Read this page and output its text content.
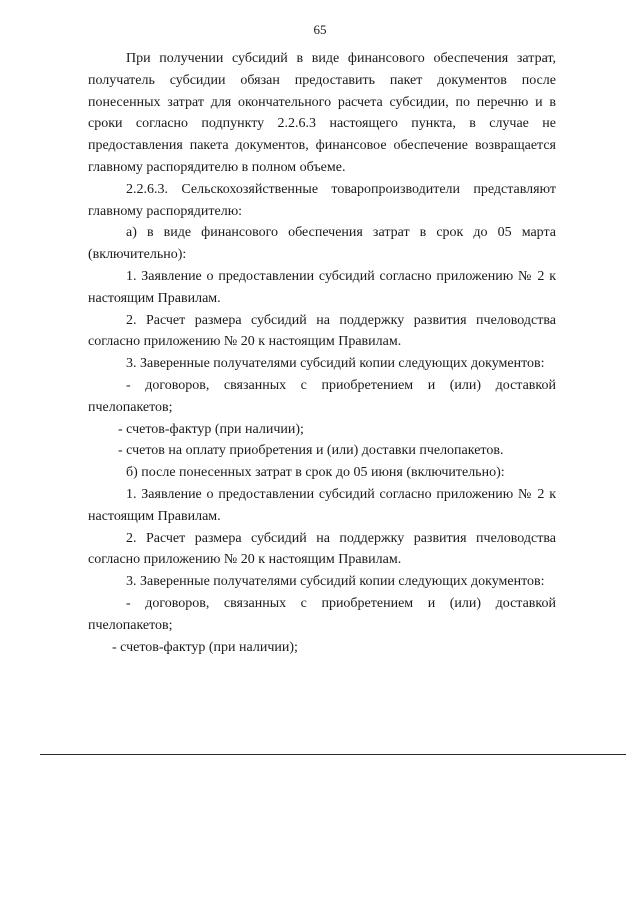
65

При получении субсидий в виде финансового обеспечения затрат, получатель субсидии обязан предоставить пакет документов после понесенных затрат для окончательного расчета субсидии, по перечню и в сроки согласно подпункту 2.2.6.3 настоящего пункта, в случае не предоставления пакета документов, финансовое обеспечение возвращается главному распорядителю в полном объеме.

2.2.6.3. Сельскохозяйственные товаропроизводители представляют главному распорядителю:

а) в виде финансового обеспечения затрат в срок до 05 марта (включительно):

1. Заявление о предоставлении субсидий согласно приложению № 2 к настоящим Правилам.

2. Расчет размера субсидий на поддержку развития пчеловодства согласно приложению № 20 к настоящим Правилам.

3. Заверенные получателями субсидий копии следующих документов:

- договоров, связанных с приобретением и (или) доставкой пчелопакетов;

- счетов-фактур (при наличии);

- счетов на оплату приобретения и (или) доставки пчелопакетов.

б) после понесенных затрат в срок до 05 июня (включительно):

1. Заявление о предоставлении субсидий согласно приложению № 2 к настоящим Правилам.

2. Расчет размера субсидий на поддержку развития пчеловодства согласно приложению № 20 к настоящим Правилам.

3. Заверенные получателями субсидий копии следующих документов:

- договоров, связанных с приобретением и (или) доставкой пчелопакетов;

- счетов-фактур (при наличии);
